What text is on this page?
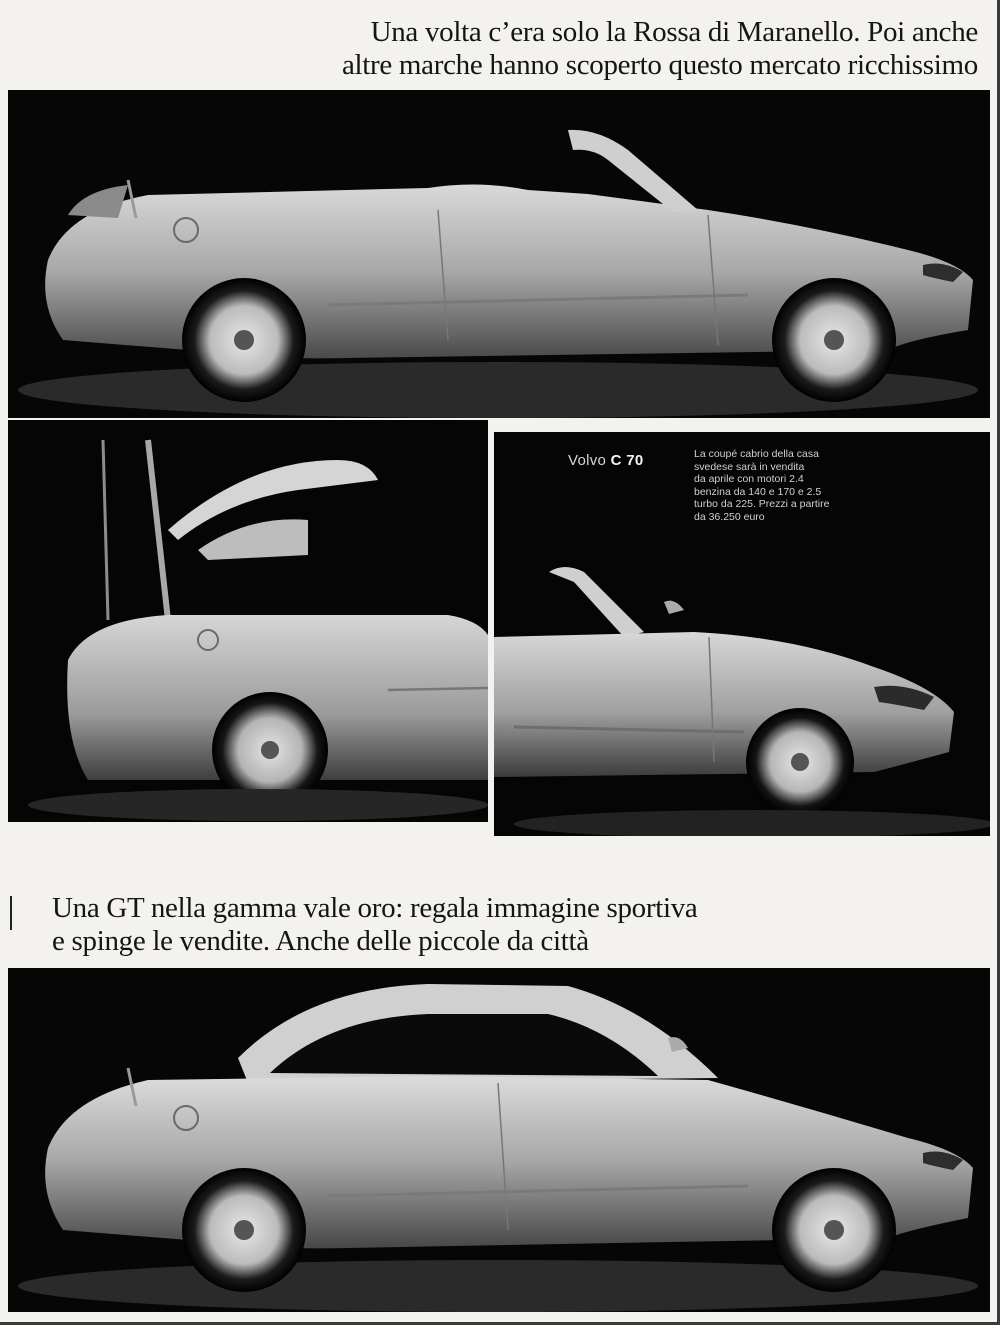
Una volta c’era solo la Rossa di Maranello. Poi anche
altre marche hanno scoperto questo mercato ricchissimo
Volvo C 70	La coupé cabrio della casa
svedese sarà in vendita
da aprile con motori 2.4
benzina da 140 e 170 e 2.5
turbo da 225. Prezzi a partire
da 36.250 euro
Una GT nella gamma vale oro: regala immagine sportiva
e spinge le vendite. Anche delle piccole da città
